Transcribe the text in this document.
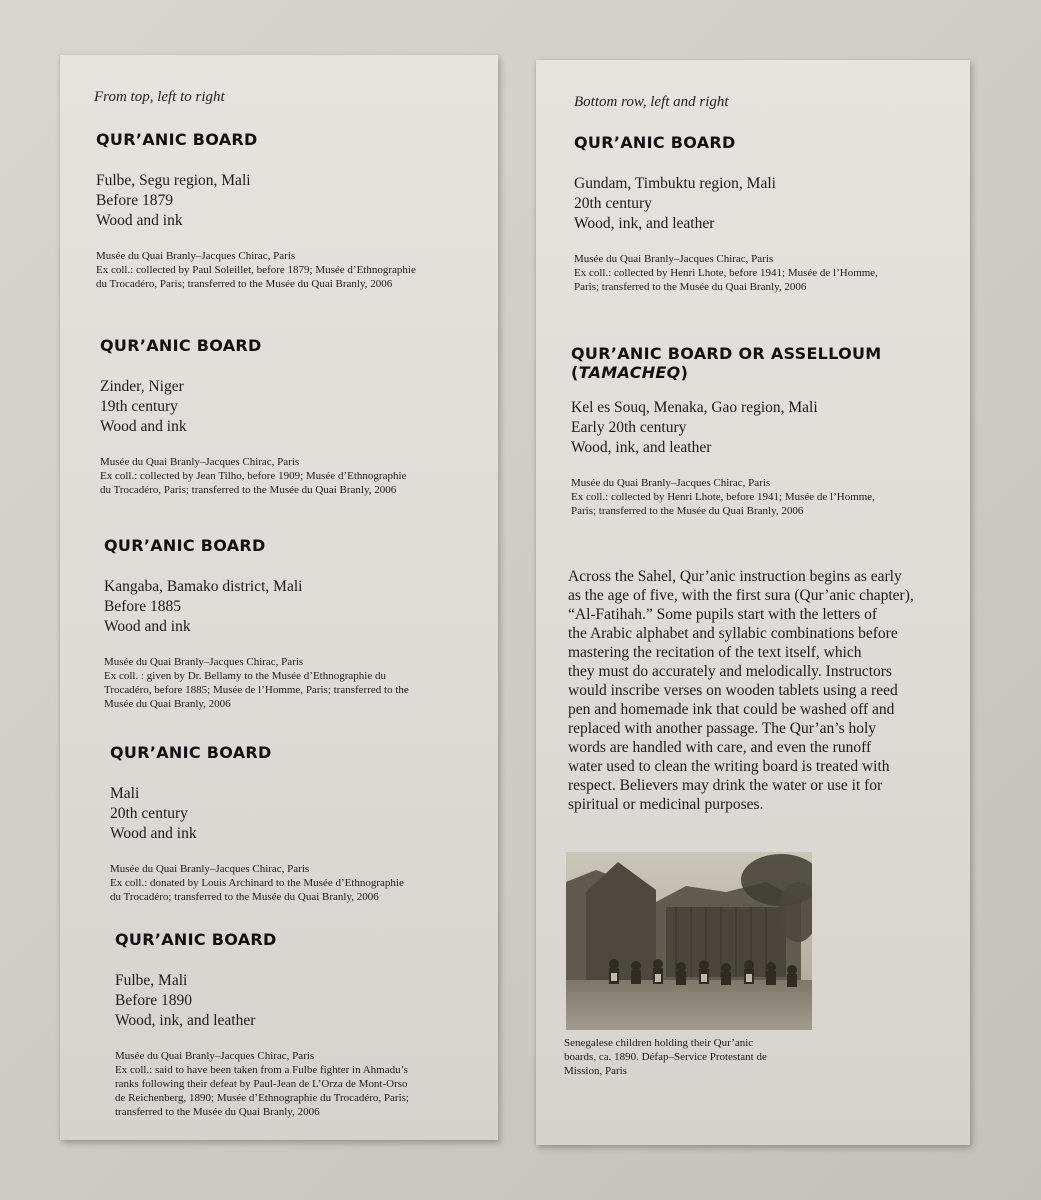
From top, left to right
QUR’ANIC BOARD
Fulbe, Segu region, Mali
Before 1879
Wood and ink
Musée du Quai Branly–Jacques Chirac, Paris
Ex coll.: collected by Paul Soleillet, before 1879; Musée d’Ethnographie
du Trocadéro, Paris; transferred to the Musée du Quai Branly, 2006
QUR’ANIC BOARD
Zinder, Niger
19th century
Wood and ink
Musée du Quai Branly–Jacques Chirac, Paris
Ex coll.: collected by Jean Tilho, before 1909; Musée d’Ethnographie
du Trocadéro, Paris; transferred to the Musée du Quai Branly, 2006
QUR’ANIC BOARD
Kangaba, Bamako district, Mali
Before 1885
Wood and ink
Musée du Quai Branly–Jacques Chirac, Paris
Ex coll. : given by Dr. Bellamy to the Musée d’Ethnographie du
Trocadéro, before 1885; Musée de l’Homme, Paris; transferred to the
Musée du Quai Branly, 2006
QUR’ANIC BOARD
Mali
20th century
Wood and ink
Musée du Quai Branly–Jacques Chirac, Paris
Ex coll.: donated by Louis Archinard to the Musée d’Ethnographie
du Trocadéro; transferred to the Musée du Quai Branly, 2006
QUR’ANIC BOARD
Fulbe, Mali
Before 1890
Wood, ink, and leather
Musée du Quai Branly–Jacques Chirac, Paris
Ex coll.: said to have been taken from a Fulbe fighter in Ahmadu’s
ranks following their defeat by Paul-Jean de L’Orza de Mont-Orso
de Reichenberg, 1890; Musée d’Ethnographie du Trocadéro, Paris;
transferred to the Musée du Quai Branly, 2006
Bottom row, left and right
QUR’ANIC BOARD
Gundam, Timbuktu region, Mali
20th century
Wood, ink, and leather
Musée du Quai Branly–Jacques Chirac, Paris
Ex coll.: collected by Henri Lhote, before 1941; Musée de l’Homme,
Paris; transferred to the Musée du Quai Branly, 2006
QUR’ANIC BOARD OR ASSELLOUM
(TAMACHEQ)
Kel es Souq, Menaka, Gao region, Mali
Early 20th century
Wood, ink, and leather
Musée du Quai Branly–Jacques Chirac, Paris
Ex coll.: collected by Henri Lhote, before 1941; Musée de l’Homme,
Paris; transferred to the Musée du Quai Branly, 2006
Across the Sahel, Qur’anic instruction begins as early
as the age of five, with the first sura (Qur’anic chapter),
“Al-Fatihah.” Some pupils start with the letters of
the Arabic alphabet and syllabic combinations before
mastering the recitation of the text itself, which
they must do accurately and melodically. Instructors
would inscribe verses on wooden tablets using a reed
pen and homemade ink that could be washed off and
replaced with another passage. The Qur’an’s holy
words are handled with care, and even the runoff
water used to clean the writing board is treated with
respect. Believers may drink the water or use it for
spiritual or medicinal purposes.
Senegalese children holding their Qur’anic
boards, ca. 1890. Défap–Service Protestant de
Mission, Paris
